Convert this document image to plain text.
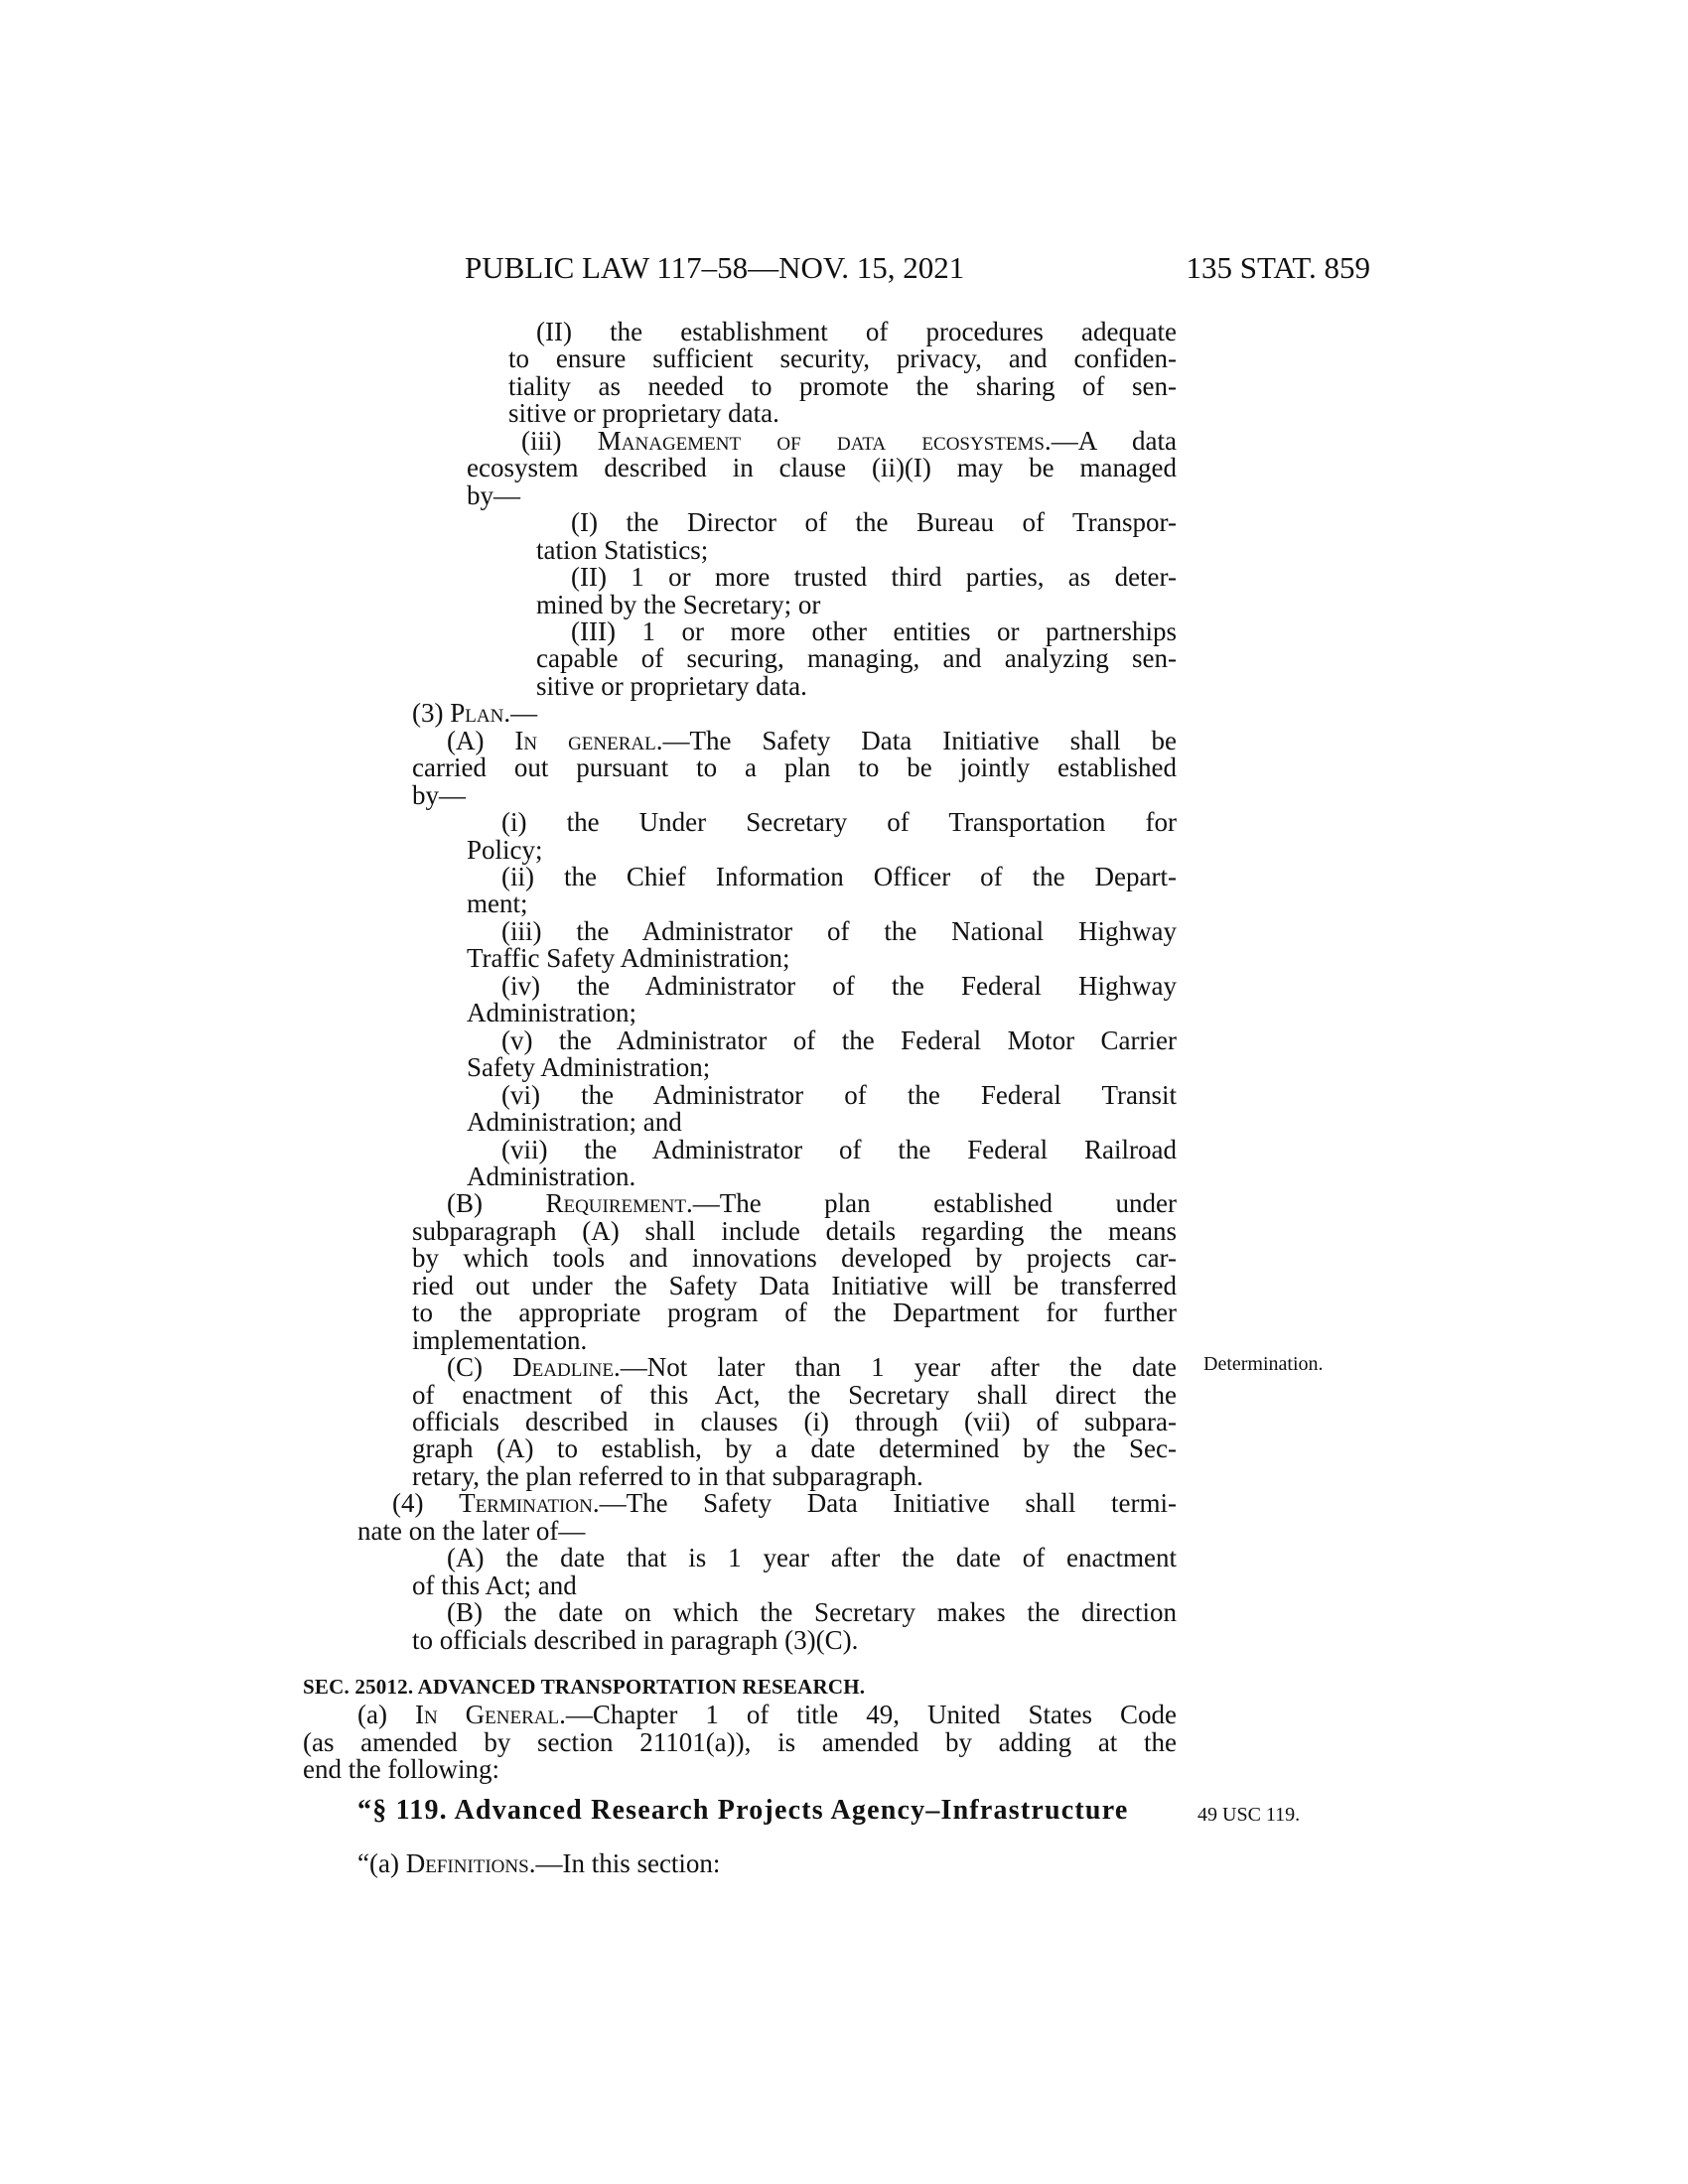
PUBLIC LAW 117–58—NOV. 15, 2021	135 STAT. 859
(II) the establishment of procedures adequate
to ensure sufficient security, privacy, and confiden-
tiality as needed to promote the sharing of sen-
sitive or proprietary data.
(iii) Management of data ecosystems.—A data
ecosystem described in clause (ii)(I) may be managed
by—
(I) the Director of the Bureau of Transpor-
tation Statistics;
(II) 1 or more trusted third parties, as deter-
mined by the Secretary; or
(III) 1 or more other entities or partnerships
capable of securing, managing, and analyzing sen-
sitive or proprietary data.
(3) Plan.—
(A) In general.—The Safety Data Initiative shall be
carried out pursuant to a plan to be jointly established
by—
(i) the Under Secretary of Transportation for
Policy;
(ii) the Chief Information Officer of the Depart-
ment;
(iii) the Administrator of the National Highway
Traffic Safety Administration;
(iv) the Administrator of the Federal Highway
Administration;
(v) the Administrator of the Federal Motor Carrier
Safety Administration;
(vi) the Administrator of the Federal Transit
Administration; and
(vii) the Administrator of the Federal Railroad
Administration.
(B) Requirement.—The plan established under
subparagraph (A) shall include details regarding the means
by which tools and innovations developed by projects car-
ried out under the Safety Data Initiative will be transferred
to the appropriate program of the Department for further
implementation.
(C) Deadline.—Not later than 1 year after the date
of enactment of this Act, the Secretary shall direct the
officials described in clauses (i) through (vii) of subpara-
graph (A) to establish, by a date determined by the Sec-
retary, the plan referred to in that subparagraph.
(4) Termination.—The Safety Data Initiative shall termi-
nate on the later of—
(A) the date that is 1 year after the date of enactment
of this Act; and
(B) the date on which the Secretary makes the direction
to officials described in paragraph (3)(C).
SEC. 25012. ADVANCED TRANSPORTATION RESEARCH.
(a) In General.—Chapter 1 of title 49, United States Code
(as amended by section 21101(a)), is amended by adding at the
end the following:
“§ 119. Advanced Research Projects Agency–Infrastructure
“(a) Definitions.—In this section:
Determination.
49 USC 119.
